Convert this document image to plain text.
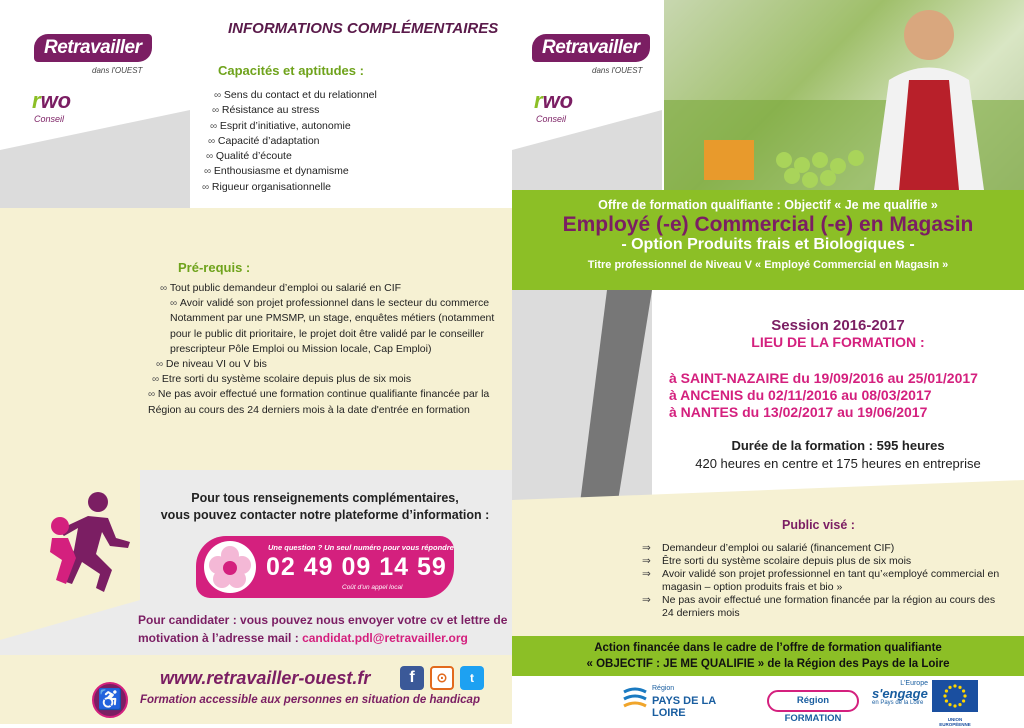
Retravailler
dans l'OUEST
rwo
Conseil
INFORMATIONS COMPLÉMENTAIRES
Capacités et aptitudes :
∞ Sens du contact et du relationnel
∞ Résistance au stress
∞ Esprit d’initiative, autonomie
∞ Capacité d’adaptation
∞ Qualité d’écoute
∞ Enthousiasme et dynamisme
∞ Rigueur organisationnelle
Pré-requis :
∞ Tout public demandeur d’emploi ou salarié en CIF
∞ Avoir validé son projet professionnel dans le secteur du commerce Notamment par une PMSMP, un stage, enquêtes métiers (notamment pour le public dit prioritaire, le projet doit être validé par le conseiller prescripteur Pôle Emploi ou Mission locale, Cap Emploi)
∞ De niveau VI ou V bis
∞ Etre sorti du système scolaire depuis plus de six mois
∞ Ne pas avoir effectué une formation continue qualifiante financée par la Région au cours des 24 derniers mois à la date d'entrée en formation
Pour tous renseignements complémentaires,
vous pouvez contacter notre plateforme d’information :
Une question ? Un seul numéro pour vous répondre
02 49 09 14 59
Coût d'un appel local
Pour candidater : vous pouvez nous envoyer votre cv et lettre de motivation à l’adresse mail : candidat.pdl@retravailler.org
www.retravailler-ouest.fr	f	⊙	t
♿	Formation accessible aux personnes en situation de handicap
Retravailler
dans l'OUEST
rwo
Conseil
Offre de formation qualifiante : Objectif « Je me qualifie »
Employé (-e) Commercial (-e) en Magasin
- Option Produits frais et Biologiques -
Titre professionnel de Niveau V « Employé Commercial en Magasin »
Session 2016-2017
LIEU DE LA FORMATION :
à SAINT-NAZAIRE du 19/09/2016 au 25/01/2017
à ANCENIS du 02/11/2016 au 08/03/2017
à NANTES du 13/02/2017 au 19/06/2017
Durée de la formation : 595 heures
420 heures en centre et 175 heures en entreprise
Public visé :
⇒ Demandeur d’emploi ou salarié (financement CIF)
⇒ Être sorti du système scolaire depuis plus de six mois
⇒ Avoir validé son projet professionnel en tant qu’«employé commercial en magasin – option produits frais et bio »
⇒ Ne pas avoir effectué une formation financée par la région au cours des 24 derniers mois
Action financée dans le cadre de l’offre de formation qualifiante
« OBJECTIF : JE ME QUALIFIE » de la Région des Pays de la Loire
Région
PAYS DE LA LOIRE
Région FORMATION
L'Europe
s'engage
en Pays de la Loire
UNION EUROPÉENNE
